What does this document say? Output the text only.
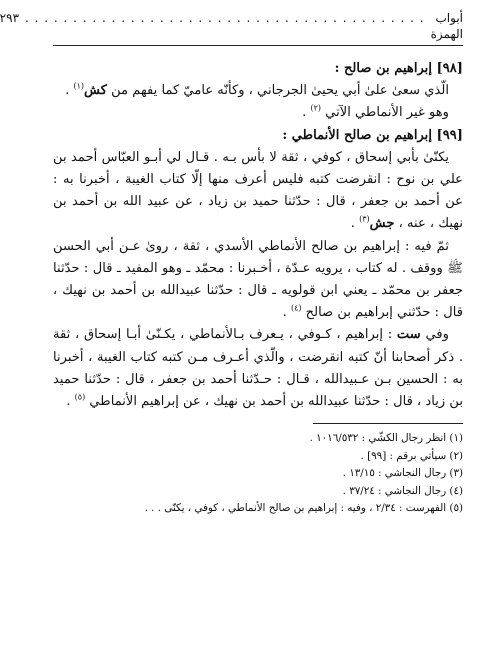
أبواب الهمزة
. . . . . . . . . . . . . . . . . . . . . . . . . . . . . . . . . . . . . . . . . .
٢٩٣

[٩٨] إبراهيم بن صالح :

الّذي سعىٰ علىٰ أبي يحيىٰ الجرجاني ، وكأنّه عاميّ كما يفهم من كش$^{(١)}$ .

وهو غير الأنماطي الآتي $^{(٢)}$ .

[٩٩] إبراهيم بن صالح الأنماطي :

يكنّىٰ بأبي إسحاق ، كوفي ، ثقة لا بأس بـه . قـال لي أبـو العبّاس أحمد بن علي بن نوح : انقرضت كتبه فليس أعرف منها إلّا كتاب الغيبة ، أخبرنا به : عن أحمد بن جعفر ، قال : حدّثنا حميد بن زياد ، عن عبيد الله بن أحمد بن نهيك ، عنه ، جش$^{(٣)}$ .

ثمّ فيه : إبراهيم بن صالح الأنماطي الأسدي ، ثقة ، روىٰ عـن أبي الحسن ﷺ ووقف . له كتاب ، يرويه عـدّة ، أخـبرنا : محمّد ـ وهو المفيد ـ قال : حدّثنا جعفر بن محمّد ـ يعني ابن قولويه ـ قال : حدّثنا عبيدالله بن أحمد بن نهيك ، قال : حدّثني إبراهيم بن صالح $^{(٤)}$ .

وفي ست : إبراهيم ، كـوفي ، يـعرف بـالأنماطي ، يكـنّىٰ أبـا إسحاق ، ثقة . ذكر أصحابنا أنّ كتبه انقرضت ، والّذي أعـرف مـن كتبه كتاب الغيبة ، أخبرنا به : الحسين بـن عـبيدالله ، قـال : حـدّثنا أحمد بن جعفر ، قال : حدّثنا حميد بن زياد ، قال : حدّثنا عبيدالله بن أحمد بن نهيك ، عن إبراهيم الأنماطي $^{(٥)}$ .

(١) انظر رجال الكشّي : ١٠١٦/٥٣٢ .

(٢) سيأتي برقم : [٩٩] .

(٣) رجال النجاشي : ١٣/١٥ .

(٤) رجال النجاشي : ٣٧/٢٤ .

(٥) الفهرست : ٢/٣٤ ، وفيه : إبراهيم بن صالح الأنماطي ، كوفي ، يكنّى . . .
